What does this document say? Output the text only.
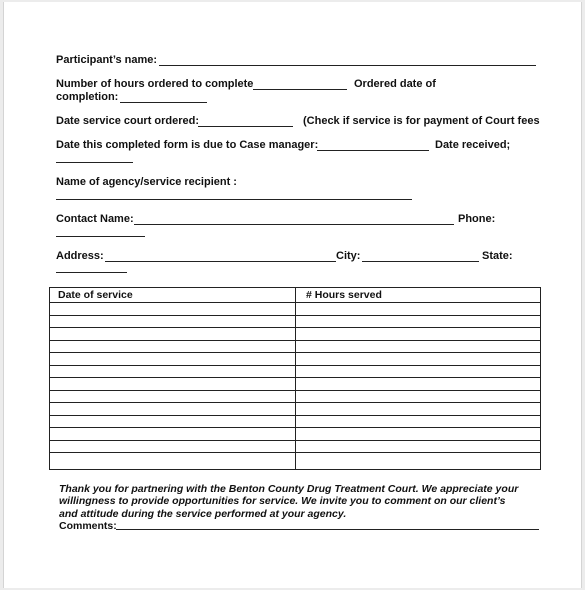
Participant’s name:
Number of hours ordered to complete	Ordered date of
completion:
Date service court ordered:	(Check if service is for payment of Court fees
Date this completed form is due to Case manager:	Date received;
Name of agency/service recipient :
Contact Name:	Phone:
Address:	City:	State:
Date of service	# Hours served
Thank you for partnering with the Benton County Drug Treatment Court. We appreciate your
willingness to provide opportunities for service. We invite you to comment on our client’s
and attitude during the service performed at your agency.
Comments:
